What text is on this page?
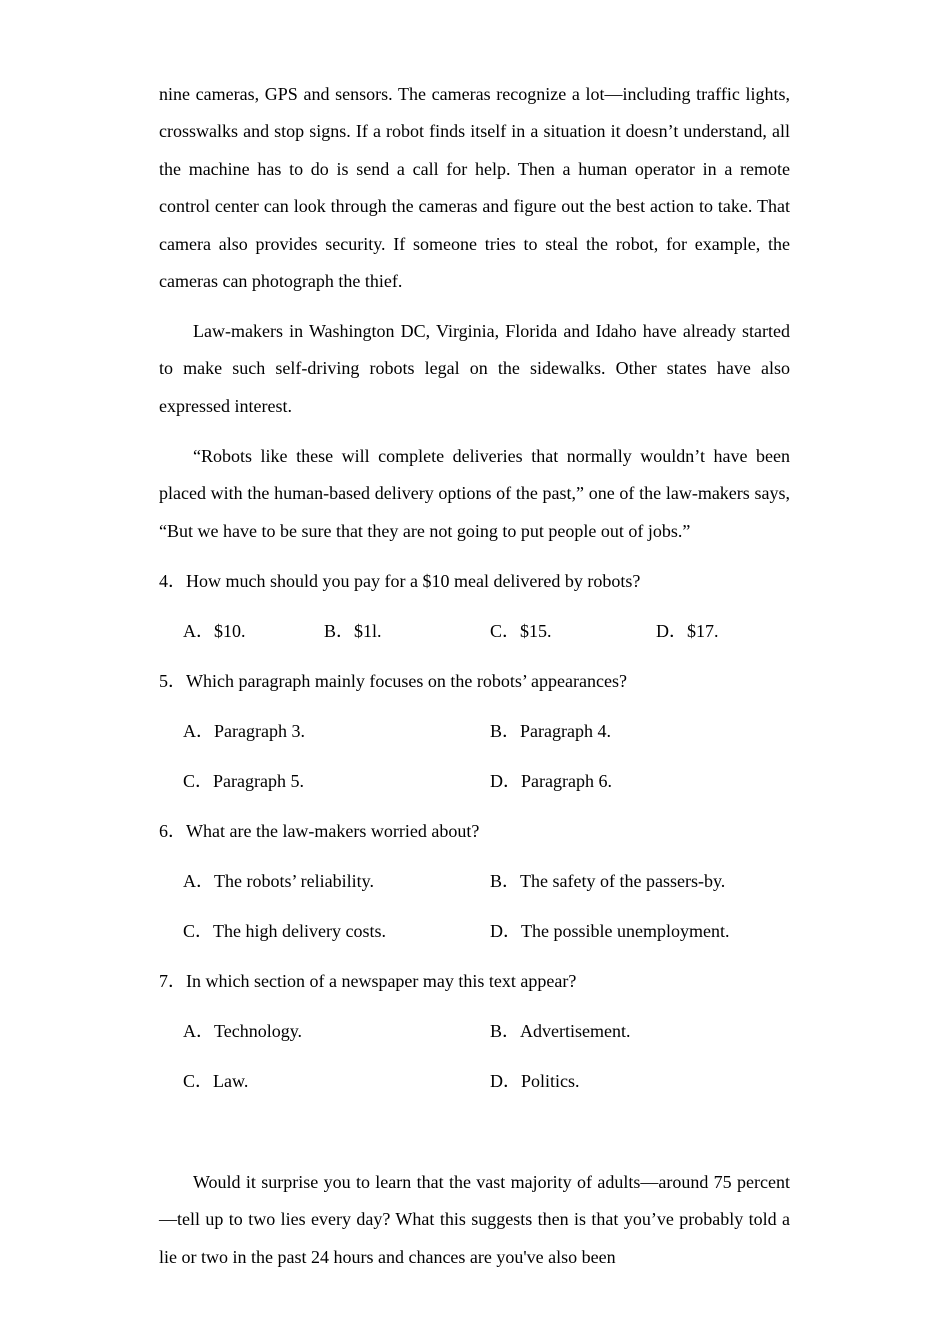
nine cameras, GPS and sensors. The cameras recognize a lot—including traffic lights, crosswalks and stop signs. If a robot finds itself in a situation it doesn’t understand, all the machine has to do is send a call for help. Then a human operator in a remote control center can look through the cameras and figure out the best action to take. That camera also provides security. If someone tries to steal the robot, for example, the cameras can photograph the thief.

Law-makers in Washington DC, Virginia, Florida and Idaho have already started to make such self-driving robots legal on the sidewalks. Other states have also expressed interest.

“Robots like these will complete deliveries that normally wouldn’t have been placed with the human-based delivery options of the past,” one of the law-makers says, “But we have to be sure that they are not going to put people out of jobs.”

4．How much should you pay for a $10 meal delivered by robots?
A．$10.	B．$1l.	C．$15.	D．$17.
5．Which paragraph mainly focuses on the robots’ appearances?
A．Paragraph 3.	B．Paragraph 4.
C．Paragraph 5.	D．Paragraph 6.
6．What are the law-makers worried about?
A．The robots’ reliability.	B．The safety of the passers-by.
C．The high delivery costs.	D．The possible unemployment.
7．In which section of a newspaper may this text appear?
A．Technology.	B．Advertisement.
C．Law.	D．Politics.

Would it surprise you to learn that the vast majority of adults—around 75 percent—tell up to two lies every day? What this suggests then is that you’ve probably told a lie or two in the past 24 hours and chances are you've also been
